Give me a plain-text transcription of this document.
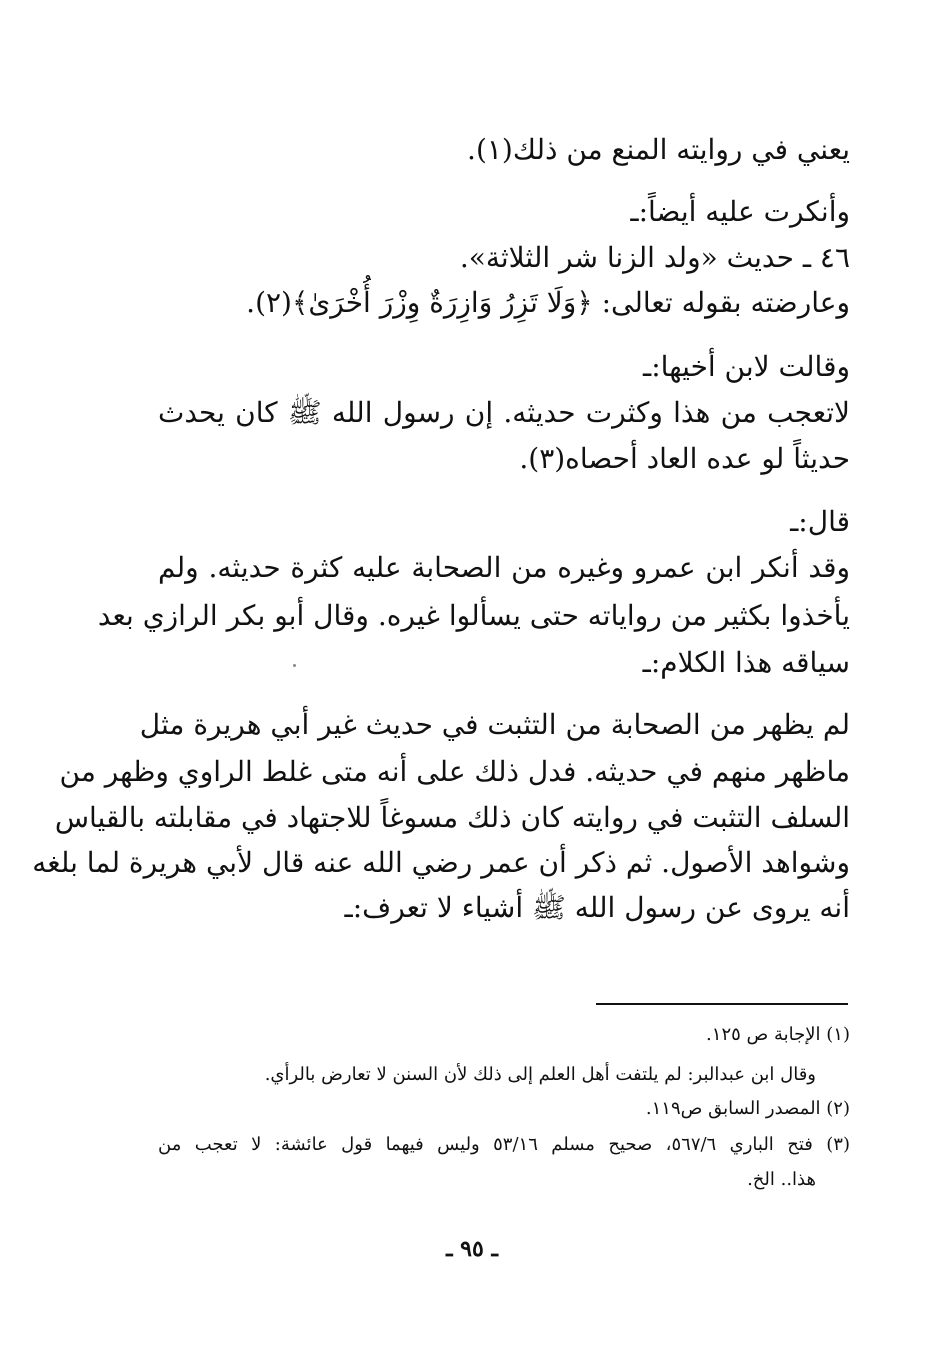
يعني في روايته المنع من ذلك(١).
وأنكرت عليه أيضاً:ـ
٤٦ ـ حديث «ولد الزنا شر الثلاثة».
وعارضته بقوله تعالى: ﴿وَلَا تَزِرُ وَازِرَةٌ وِزْرَ أُخْرَىٰ﴾(٢).
وقالت لابن أخيها:ـ
لاتعجب من هذا وكثرت حديثه. إن رسول الله ﷺ كان يحدث
حديثاً لو عده العاد أحصاه(٣).
قال:ـ
وقد أنكر ابن عمرو وغيره من الصحابة عليه كثرة حديثه. ولم
يأخذوا بكثير من رواياته حتى يسألوا غيره. وقال أبو بكر الرازي بعد
سياقه هذا الكلام:ـ
لم يظهر من الصحابة من التثبت في حديث غير أبي هريرة مثل
ماظهر منهم في حديثه. فدل ذلك على أنه متى غلط الراوي وظهر من
السلف التثبت في روايته كان ذلك مسوغاً للاجتهاد في مقابلته بالقياس
وشواهد الأصول. ثم ذكر أن عمر رضي الله عنه قال لأبي هريرة لما بلغه
أنه يروى عن رسول الله ﷺ أشياء لا تعرف:ـ
(١) الإجابة ص ١٢٥.
وقال ابن عبدالبر: لم يلتفت أهل العلم إلى ذلك لأن السنن لا تعارض بالرأي.
(٢) المصدر السابق ص١١٩.
(٣) فتح الباري ٥٦٧/٦، صحيح مسلم ٥٣/١٦ وليس فيهما قول عائشة: لا تعجب من
هذا.. الخ.
ـ ٩٥ ـ
